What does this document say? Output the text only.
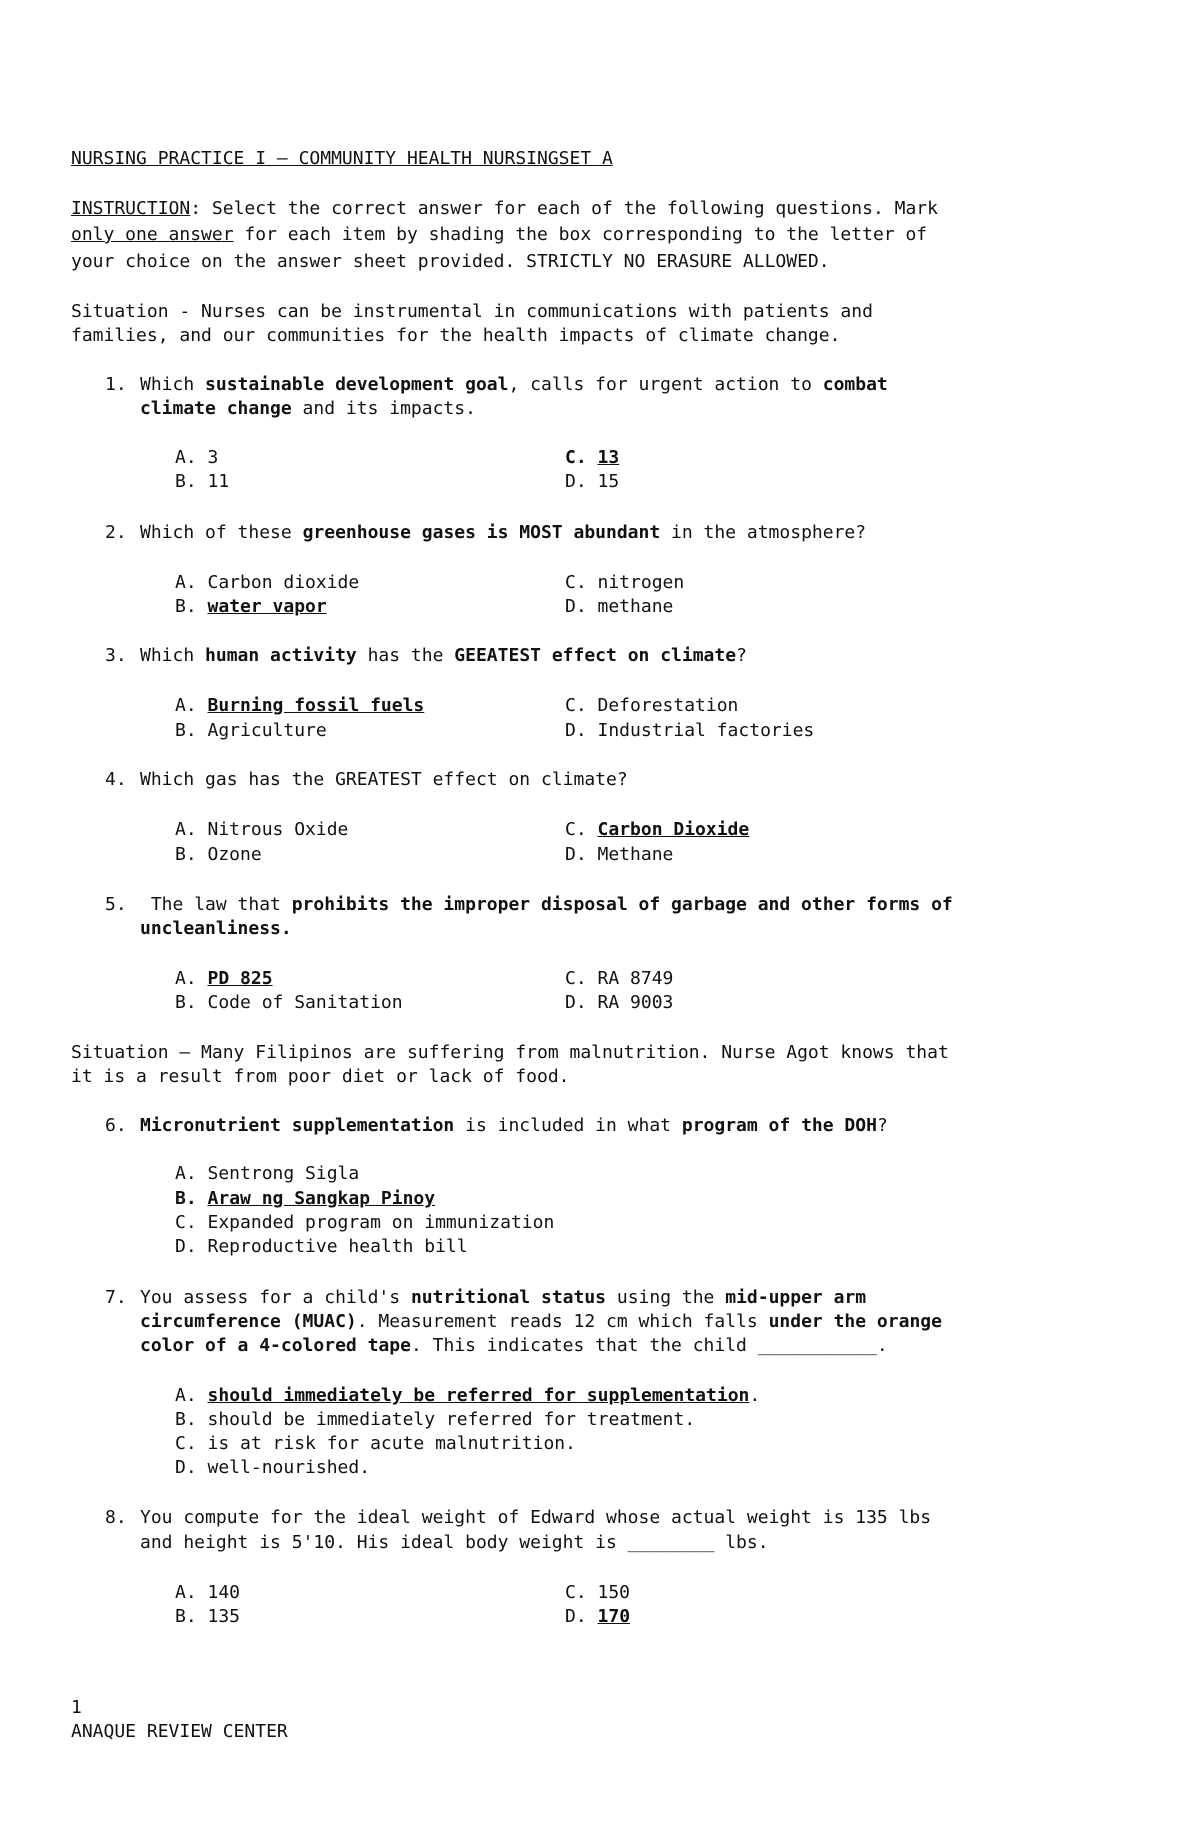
NURSING PRACTICE I – COMMUNITY HEALTH NURSINGSET A
INSTRUCTION: Select the correct answer for each of the following questions. Mark
only one answer for each item by shading the box corresponding to the letter of
your choice on the answer sheet provided. STRICTLY NO ERASURE ALLOWED.
Situation - Nurses can be instrumental in communications with patients and
families, and our communities for the health impacts of climate change.
1. Which sustainable development goal, calls for urgent action to combat
climate change and its impacts.
A. 3
B. 11
C. 13
D. 15
2. Which of these greenhouse gases is MOST abundant in the atmosphere?
A. Carbon dioxide
B. water vapor
C. nitrogen
D. methane
3. Which human activity has the GEEATEST effect on climate?
A. Burning fossil fuels
B. Agriculture
C. Deforestation
D. Industrial factories
4. Which gas has the GREATEST effect on climate?
A. Nitrous Oxide
B. Ozone
C. Carbon Dioxide
D. Methane
5. The law that prohibits the improper disposal of garbage and other forms of
uncleanliness.
A. PD 825
B. Code of Sanitation
C. RA 8749
D. RA 9003
Situation – Many Filipinos are suffering from malnutrition. Nurse Agot knows that
it is a result from poor diet or lack of food.
6. Micronutrient supplementation is included in what program of the DOH?
A. Sentrong Sigla
B. Araw ng Sangkap Pinoy
C. Expanded program on immunization
D. Reproductive health bill
7. You assess for a child's nutritional status using the mid-upper arm
circumference (MUAC). Measurement reads 12 cm which falls under the orange
color of a 4-colored tape. This indicates that the child ___________.
A. should immediately be referred for supplementation.
B. should be immediately referred for treatment.
C. is at risk for acute malnutrition.
D. well-nourished.
8. You compute for the ideal weight of Edward whose actual weight is 135 lbs
and height is 5'10. His ideal body weight is ________ lbs.
A. 140
B. 135
C. 150
D. 170
1
ANAQUE REVIEW CENTER
